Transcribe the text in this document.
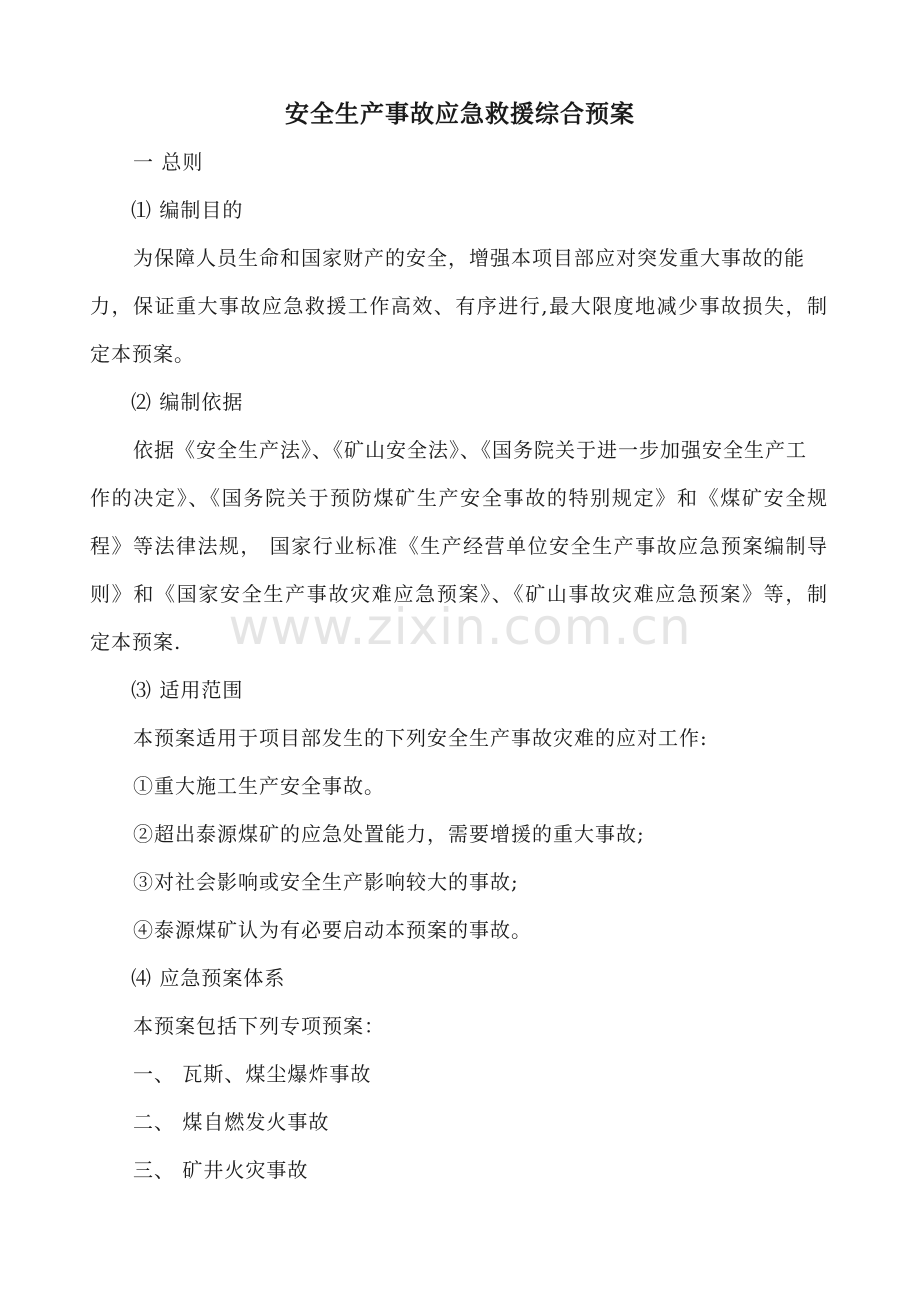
www.zixin.com.cn
安全生产事故应急救援综合预案
一 总则
⑴ 编制目的
为保障人员生命和国家财产的安全，增强本项目部应对突发重大事故的能
力，保证重大事故应急救援工作高效、有序进行,最大限度地减少事故损失，制
定本预案。
⑵ 编制依据
依据《安全生产法》、《矿山安全法》、《国务院关于进一步加强安全生产工
作的决定》、《国务院关于预防煤矿生产安全事故的特别规定》和《煤矿安全规
程》等法律法规， 国家行业标准《生产经营单位安全生产事故应急预案编制导
则》和《国家安全生产事故灾难应急预案》、《矿山事故灾难应急预案》等，制
定本预案.
⑶ 适用范围
本预案适用于项目部发生的下列安全生产事故灾难的应对工作:
①重大施工生产安全事故。
②超出泰源煤矿的应急处置能力，需要增援的重大事故;
③对社会影响或安全生产影响较大的事故;
④泰源煤矿认为有必要启动本预案的事故。
⑷ 应急预案体系
本预案包括下列专项预案：
一、 瓦斯、煤尘爆炸事故
二、 煤自燃发火事故
三、 矿井火灾事故
